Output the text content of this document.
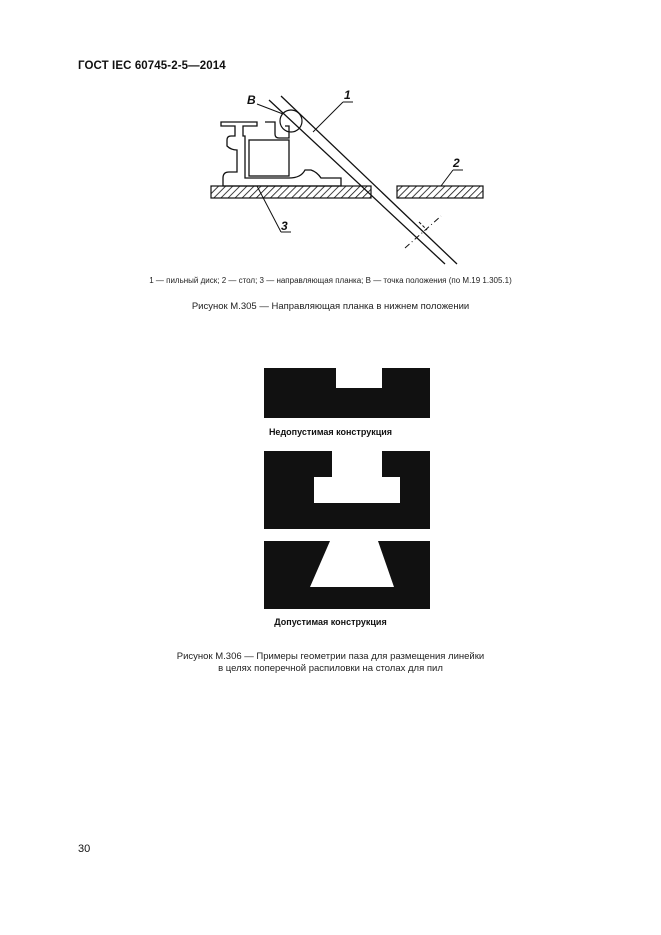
ГОСТ IEC 60745-2-5—2014
B	1
2
3
1 — пильный диск; 2 — стол; 3 — направляющая планка; B — точка положения (по М.19 1.305.1)
Рисунок М.305 — Направляющая планка в нижнем положении
Недопустимая конструкция
Допустимая конструкция
Рисунок М.306 — Примеры геометрии паза для размещения линейки
в целях поперечной распиловки на столах для пил
30
